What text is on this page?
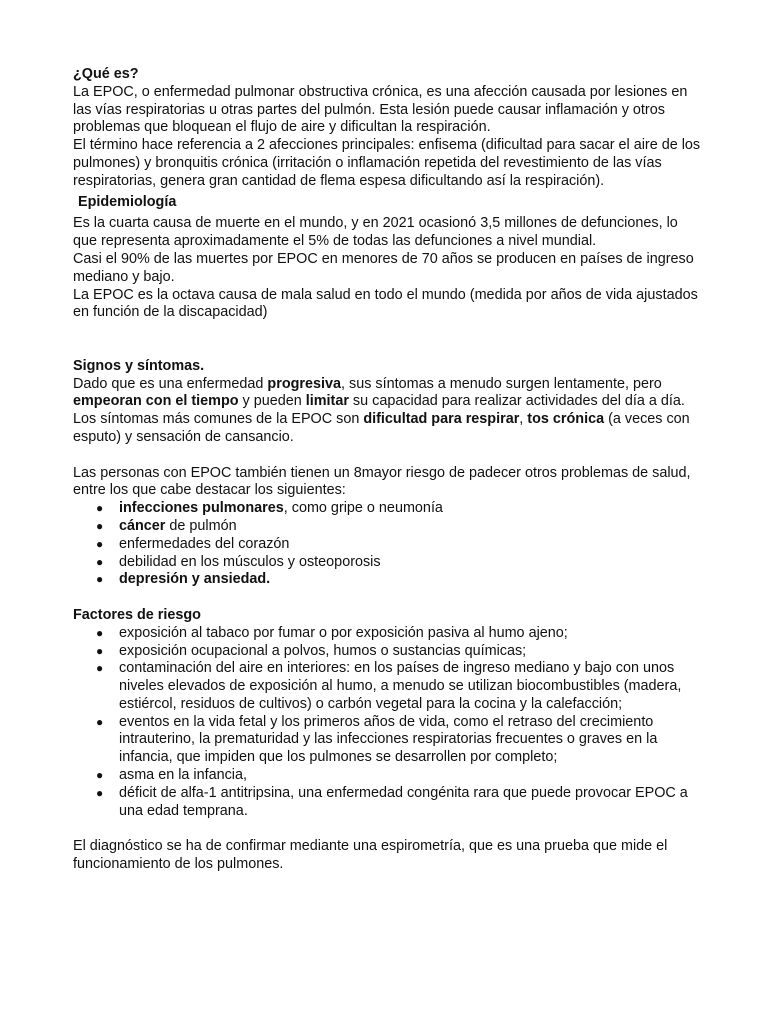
¿Qué es?

La EPOC, o enfermedad pulmonar obstructiva crónica, es una afección causada por lesiones en las vías respiratorias u otras partes del pulmón. Esta lesión puede causar inflamación y otros problemas que bloquean el flujo de aire y dificultan la respiración.

El término hace referencia a 2 afecciones principales: enfisema (dificultad para sacar el aire de los pulmones) y bronquitis crónica (irritación o inflamación repetida del revestimiento de las vías respiratorias, genera gran cantidad de flema espesa dificultando así la respiración).

Epidemiología

Es la cuarta causa de muerte en el mundo, y en 2021 ocasionó 3,5 millones de defunciones, lo que representa aproximadamente el 5% de todas las defunciones a nivel mundial.

Casi el 90% de las muertes por EPOC en menores de 70 años se producen en países de ingreso mediano y bajo.

La EPOC es la octava causa de mala salud en todo el mundo (medida por años de vida ajustados en función de la discapacidad)

Signos y síntomas.

Dado que es una enfermedad progresiva, sus síntomas a menudo surgen lentamente, pero empeoran con el tiempo y pueden limitar su capacidad para realizar actividades del día a día.

Los síntomas más comunes de la EPOC son dificultad para respirar, tos crónica (a veces con esputo) y sensación de cansancio.

Las personas con EPOC también tienen un 8mayor riesgo de padecer otros problemas de salud, entre los que cabe destacar los siguientes:

● infecciones pulmonares, como gripe o neumonía
● cáncer de pulmón
● enfermedades del corazón
● debilidad en los músculos y osteoporosis
● depresión y ansiedad.

Factores de riesgo

● exposición al tabaco por fumar o por exposición pasiva al humo ajeno;
● exposición ocupacional a polvos, humos o sustancias químicas;
● contaminación del aire en interiores: en los países de ingreso mediano y bajo con unos niveles elevados de exposición al humo, a menudo se utilizan biocombustibles (madera, estiércol, residuos de cultivos) o carbón vegetal para la cocina y la calefacción;
● eventos en la vida fetal y los primeros años de vida, como el retraso del crecimiento intrauterino, la prematuridad y las infecciones respiratorias frecuentes o graves en la infancia, que impiden que los pulmones se desarrollen por completo;
● asma en la infancia,
● déficit de alfa-1 antitripsina, una enfermedad congénita rara que puede provocar EPOC a una edad temprana.

El diagnóstico se ha de confirmar mediante una espirometría, que es una prueba que mide el funcionamiento de los pulmones.
